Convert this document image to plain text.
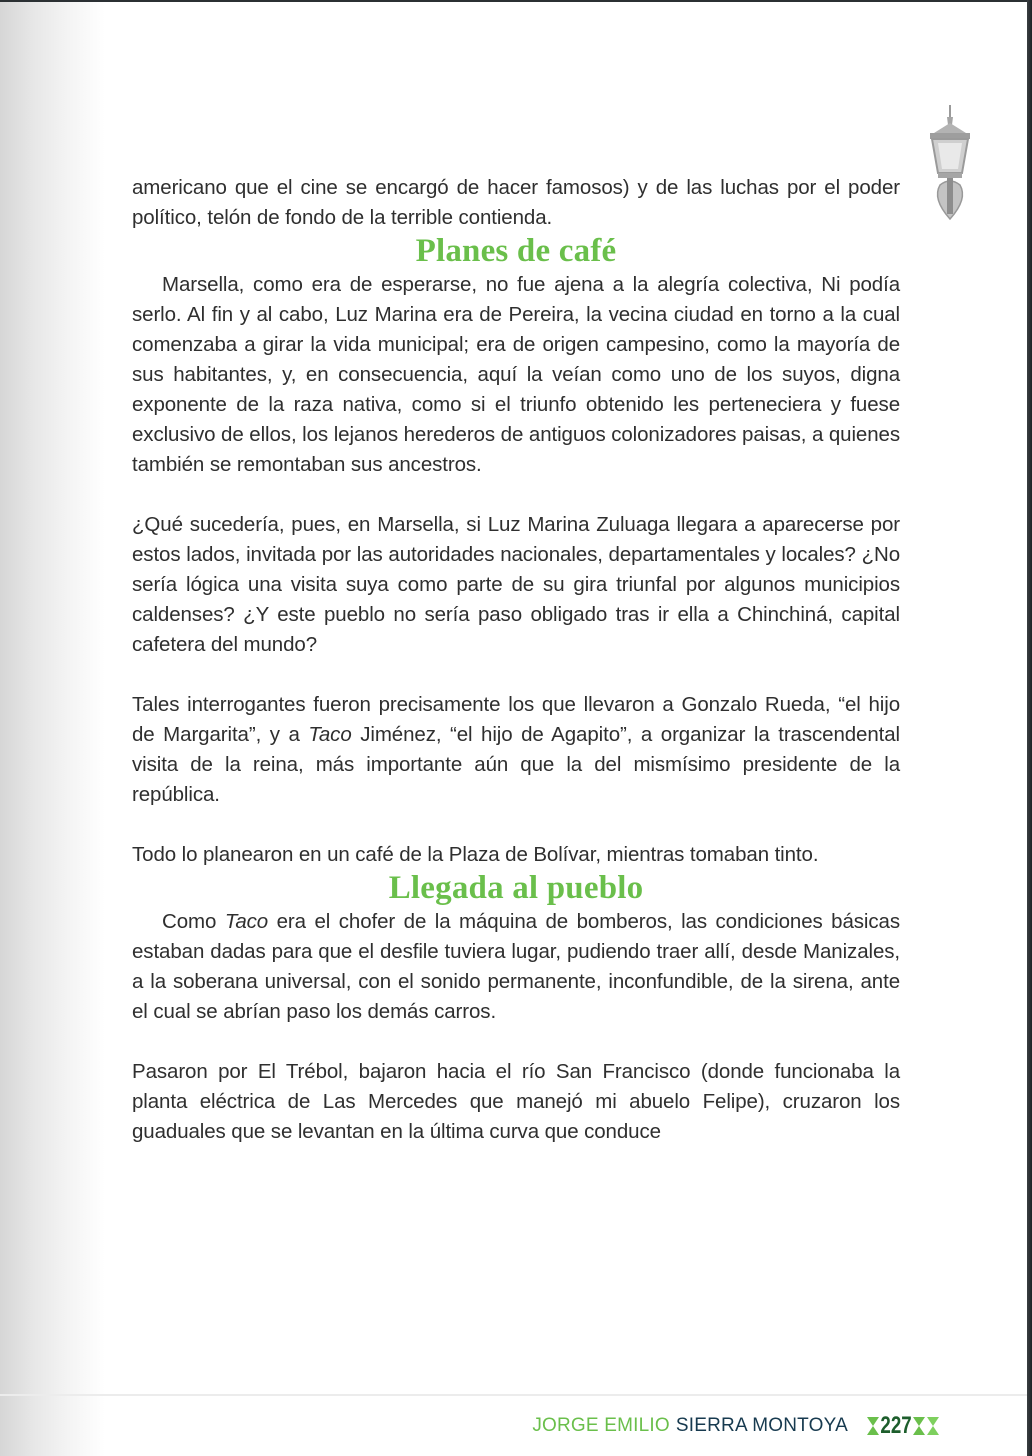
americano que el cine se encargó de hacer famosos) y de las luchas por el poder político, telón de fondo de la terrible contienda.

Planes de café

Marsella, como era de esperarse, no fue ajena a la alegría colectiva, Ni podía serlo. Al fin y al cabo, Luz Marina era de Pereira, la vecina ciudad en torno a la cual comenzaba a girar la vida municipal; era de origen campesino, como la mayoría de sus habitantes, y, en consecuencia, aquí la veían como uno de los suyos, digna exponente de la raza nativa, como si el triunfo obtenido les perteneciera y fuese exclusivo de ellos, los lejanos herederos de antiguos colonizadores paisas, a quienes también se remontaban sus ancestros.

¿Qué sucedería, pues, en Marsella, si Luz Marina Zuluaga llegara a aparecerse por estos lados, invitada por las autoridades nacionales, departamentales y locales? ¿No sería lógica una visita suya como parte de su gira triunfal por algunos municipios caldenses? ¿Y este pueblo no sería paso obligado tras ir ella a Chinchiná, capital cafetera del mundo?

Tales interrogantes fueron precisamente los que llevaron a Gonzalo Rueda, “el hijo de Margarita”, y a Taco Jiménez, “el hijo de Agapito”, a organizar la trascendental visita de la reina, más importante aún que la del mismísimo presidente de la república.

Todo lo planearon en un café de la Plaza de Bolívar, mientras tomaban tinto.

Llegada al pueblo

Como Taco era el chofer de la máquina de bomberos, las condiciones básicas estaban dadas para que el desfile tuviera lugar, pudiendo traer allí, desde Manizales, a la soberana universal, con el sonido permanente, inconfundible, de la sirena, ante el cual se abrían paso los demás carros.

Pasaron por El Trébol, bajaron hacia el río San Francisco (donde funcionaba la planta eléctrica de Las Mercedes que manejó mi abuelo Felipe), cruzaron los guaduales que se levantan en la última curva que conduce

JORGE EMILIO SIERRA MONTOYA 227
